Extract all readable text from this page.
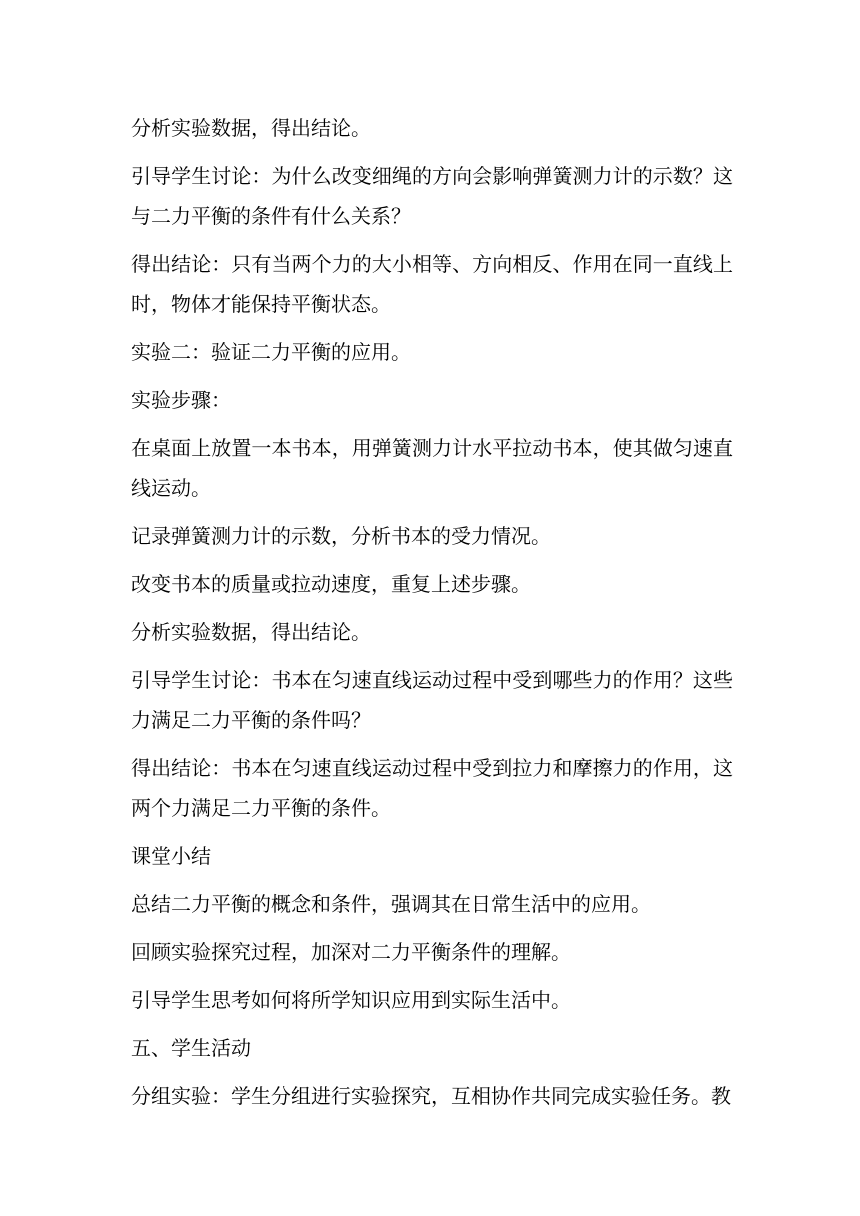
分析实验数据，得出结论。

引导学生讨论：为什么改变细绳的方向会影响弹簧测力计的示数？这与二力平衡的条件有什么关系？

得出结论：只有当两个力的大小相等、方向相反、作用在同一直线上时，物体才能保持平衡状态。

实验二：验证二力平衡的应用。

实验步骤：

在桌面上放置一本书本，用弹簧测力计水平拉动书本，使其做匀速直线运动。

记录弹簧测力计的示数，分析书本的受力情况。

改变书本的质量或拉动速度，重复上述步骤。

分析实验数据，得出结论。

引导学生讨论：书本在匀速直线运动过程中受到哪些力的作用？这些力满足二力平衡的条件吗？

得出结论：书本在匀速直线运动过程中受到拉力和摩擦力的作用，这两个力满足二力平衡的条件。

课堂小结

总结二力平衡的概念和条件，强调其在日常生活中的应用。

回顾实验探究过程，加深对二力平衡条件的理解。

引导学生思考如何将所学知识应用到实际生活中。

五、学生活动

分组实验：学生分组进行实验探究，互相协作共同完成实验任务。教
